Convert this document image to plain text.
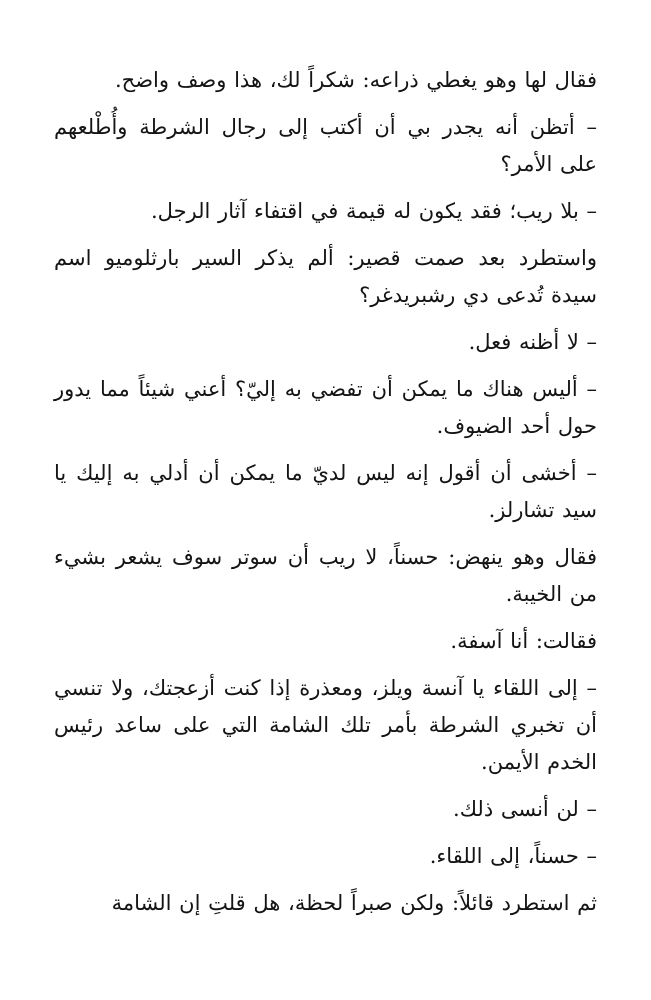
فقال لها وهو يغطي ذراعه: شكراً لك، هذا وصف واضح.

– أتظن أنه يجدر بي أن أكتب إلى رجال الشرطة وأُطْلعهم على الأمر؟

– بلا ريب؛ فقد يكون له قيمة في اقتفاء آثار الرجل.

واستطرد بعد صمت قصير: ألم يذكر السير بارثلوميو اسم سيدة تُدعى دي رشبريدغر؟

– لا أظنه فعل.

– أليس هناك ما يمكن أن تفضي به إليّ؟ أعني شيئاً مما يدور حول أحد الضيوف.

– أخشى أن أقول إنه ليس لديّ ما يمكن أن أدلي به إليك يا سيد تشارلز.

فقال وهو ينهض: حسناً، لا ريب أن سوتر سوف يشعر بشيء من الخيبة.

فقالت: أنا آسفة.

– إلى اللقاء يا آنسة ويلز، ومعذرة إذا كنت أزعجتك، ولا تنسي أن تخبري الشرطة بأمر تلك الشامة التي على ساعد رئيس الخدم الأيمن.

– لن أنسى ذلك.

– حسناً، إلى اللقاء.

ثم استطرد قائلاً: ولكن صبراً لحظة، هل قلتِ إن الشامة
